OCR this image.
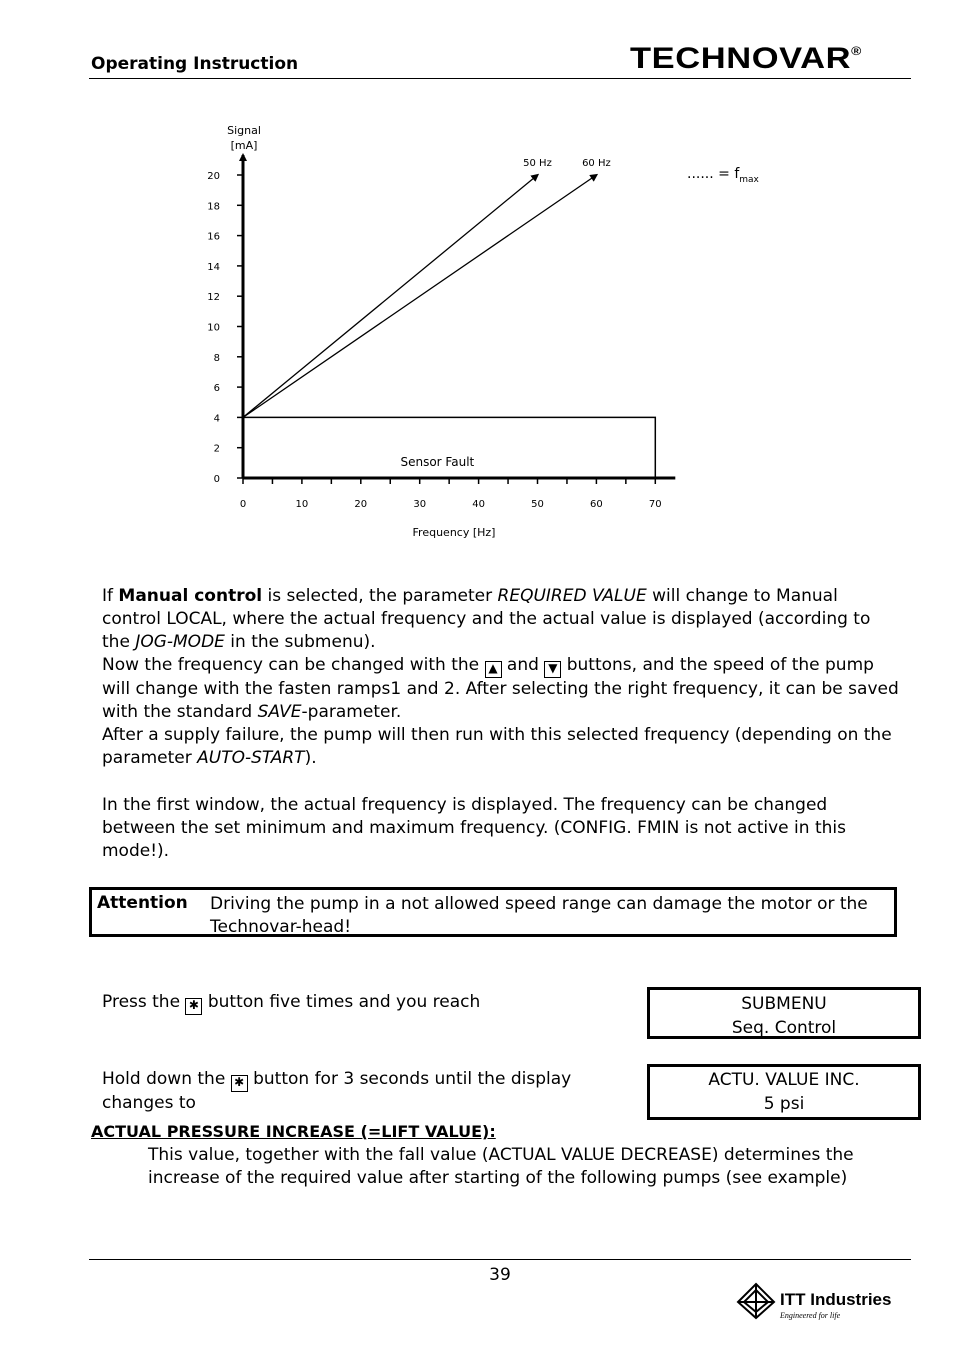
Operating Instruction	TECHNOVAR®
Signal
[mA]
Frequency [Hz]
0
2
4
6
8
10
12
14
16
18
20
0	10	20	30	40	50	60	70
Sensor Fault
50 Hz	60 Hz
...... = $f_{max}$
If Manual control is selected, the parameter REQUIRED VALUE will change to Manual control LOCAL, where the actual frequency and the actual value is displayed (according to the JOG-MODE in the submenu).
Now the frequency can be changed with the ▲ and ▼ buttons, and the speed of the pump will change with the fasten ramps1 and 2. After selecting the right frequency, it can be saved with the standard SAVE-parameter.
After a supply failure, the pump will then run with this selected frequency (depending on the parameter AUTO-START).
In the first window, the actual frequency is displayed. The frequency can be changed between the set minimum and maximum frequency. (CONFIG. FMIN is not active in this mode!).
Attention Driving the pump in a not allowed speed range can damage the motor or the Technovar-head!
Press the ✱ button five times and you reach	SUBMENU
Seq. Control
Hold down the ✱ button for 3 seconds until the display changes to
ACTU. VALUE INC.
5 psi
ACTUAL PRESSURE INCREASE (=LIFT VALUE):
This value, together with the fall value (ACTUAL VALUE DECREASE) determines the increase of the required value after starting of the following pumps (see example)
39
ITT Industries
Engineered for life
